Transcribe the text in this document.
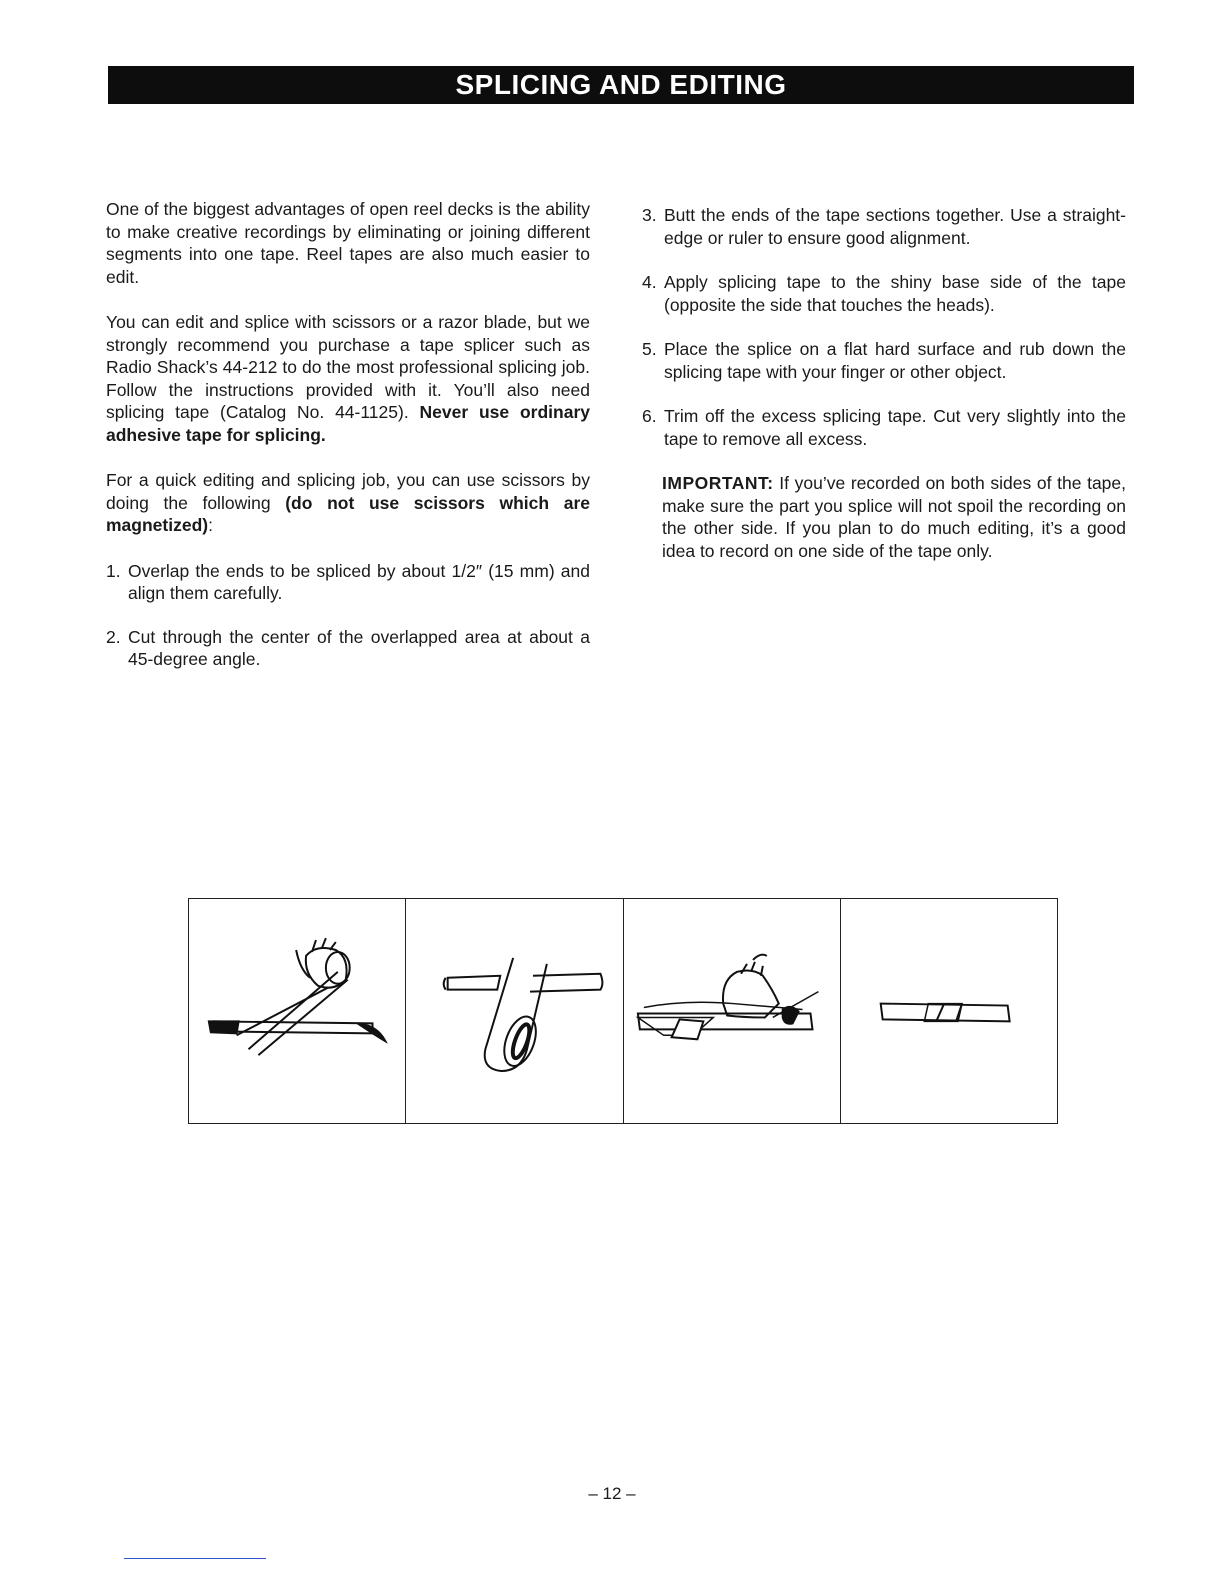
SPLICING AND EDITING

One of the biggest advantages of open reel decks is the ability to make creative recordings by eliminating or joining different segments into one tape. Reel tapes are also much easier to edit.

You can edit and splice with scissors or a razor blade, but we strongly recommend you purchase a tape splicer such as Radio Shack’s 44-212 to do the most professional splicing job. Follow the instructions provided with it. You’ll also need splicing tape (Catalog No. 44-1125). Never use ordinary adhesive tape for splicing.

For a quick editing and splicing job, you can use scissors by doing the following (do not use scissors which are magnetized):

1. Overlap the ends to be spliced by about 1/2″ (15 mm) and align them carefully.
2. Cut through the center of the overlapped area at about a 45-degree angle.
3. Butt the ends of the tape sections together. Use a straight-edge or ruler to ensure good alignment.
4. Apply splicing tape to the shiny base side of the tape (opposite the side that touches the heads).
5. Place the splice on a flat hard surface and rub down the splicing tape with your finger or other object.
6. Trim off the excess splicing tape. Cut very slightly into the tape to remove all excess.
IMPORTANT: If you’ve recorded on both sides of the tape, make sure the part you splice will not spoil the recording on the other side. If you plan to do much editing, it’s a good idea to record on one side of the tape only.
– 12 –
